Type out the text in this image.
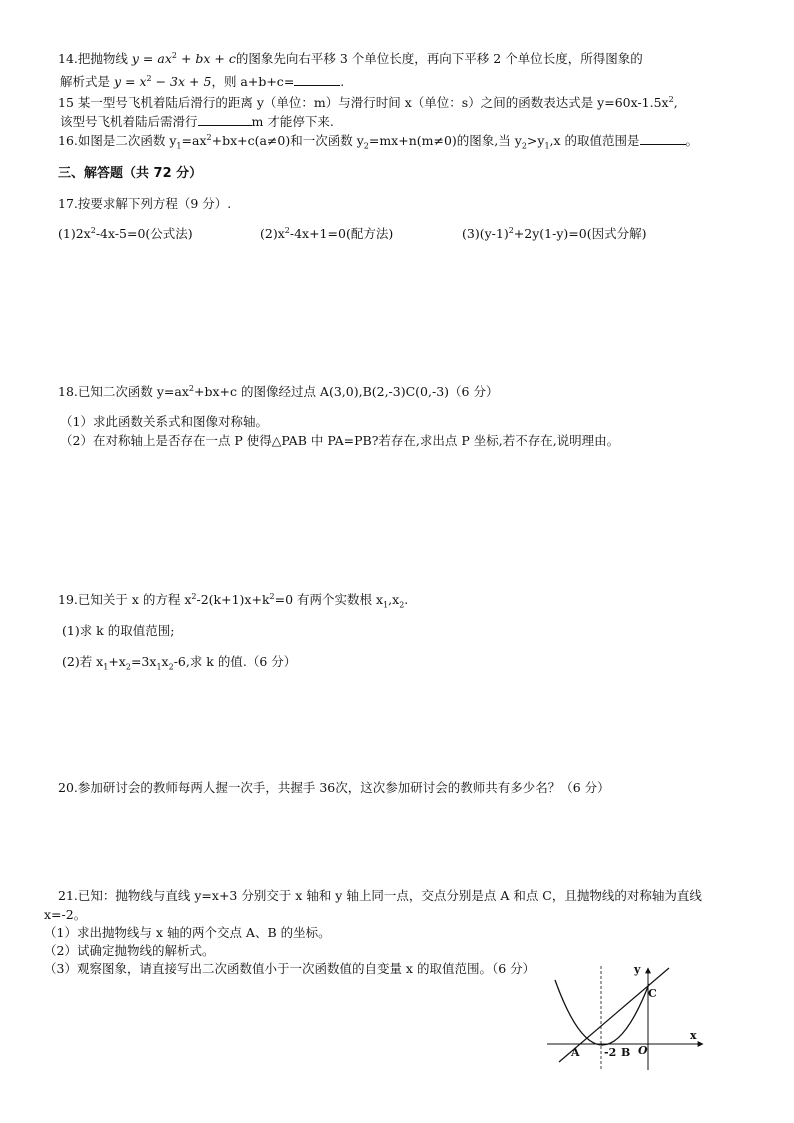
14.把抛物线 $y = ax^2$ + bx + c的图象先向右平移 3 个单位长度，再向下平移 2 个单位长度，所得图象的
解析式是 $y = x^2 - 3x + 5$，则 a+b+c=	.
15 某一型号飞机着陆后滑行的距离 y（单位：m）与滑行时间 x（单位：s）之间的函数表达式是 $y=60x-1.5x^2$,
该型号飞机着陆后需滑行	m 才能停下来.
16.如图是二次函数 $y_1=ax^2+bx+c(a\ne 0)$和一次函数 $y_2=mx+n(m\ne 0)$的图象,当 $y_2>y_1,x$ 的取值范围是	。
三、解答题（共 72 分）
17.按要求解下列方程（9 分）.
$(1)2x^2-4x-5=0$(公式法)	$(2)x^2-4x+1=0$(配方法)	$(3)(y-1)^2+2y(1-y)=0$(因式分解)
18.已知二次函数 $y=ax^2+bx+c$ 的图像经过点 A(3,0),B(2,-3)C(0,-3)（6 分）
（1）求此函数关系式和图像对称轴。
（2）在对称轴上是否存在一点 P 使得△PAB 中 PA=PB?若存在,求出点 P 坐标,若不存在,说明理由。
19.已知关于 x 的方程 $x^2-2(k+1)x+k^2=0$ 有两个实数根 $x_1,x_2$.
(1)求 k 的取值范围;
(2)若 $x_1+x_2=3x_1x_2-6$,求 k 的值.（6 分）
20.参加研讨会的教师每两人握一次手，共握手 36次，这次参加研讨会的教师共有多少名？（6 分）
21.已知：抛物线与直线 y=x+3 分别交于 x 轴和 y 轴上同一点，交点分别是点 A 和点 C，且抛物线的对称轴为直线
x=-2。
（1）求出抛物线与 x 轴的两个交点 A、B 的坐标。
（2）试确定抛物线的解析式。
（3）观察图象，请直接写出二次函数值小于一次函数值的自变量 x 的取值范围。（6 分）	y
x
C
A -2 B O
